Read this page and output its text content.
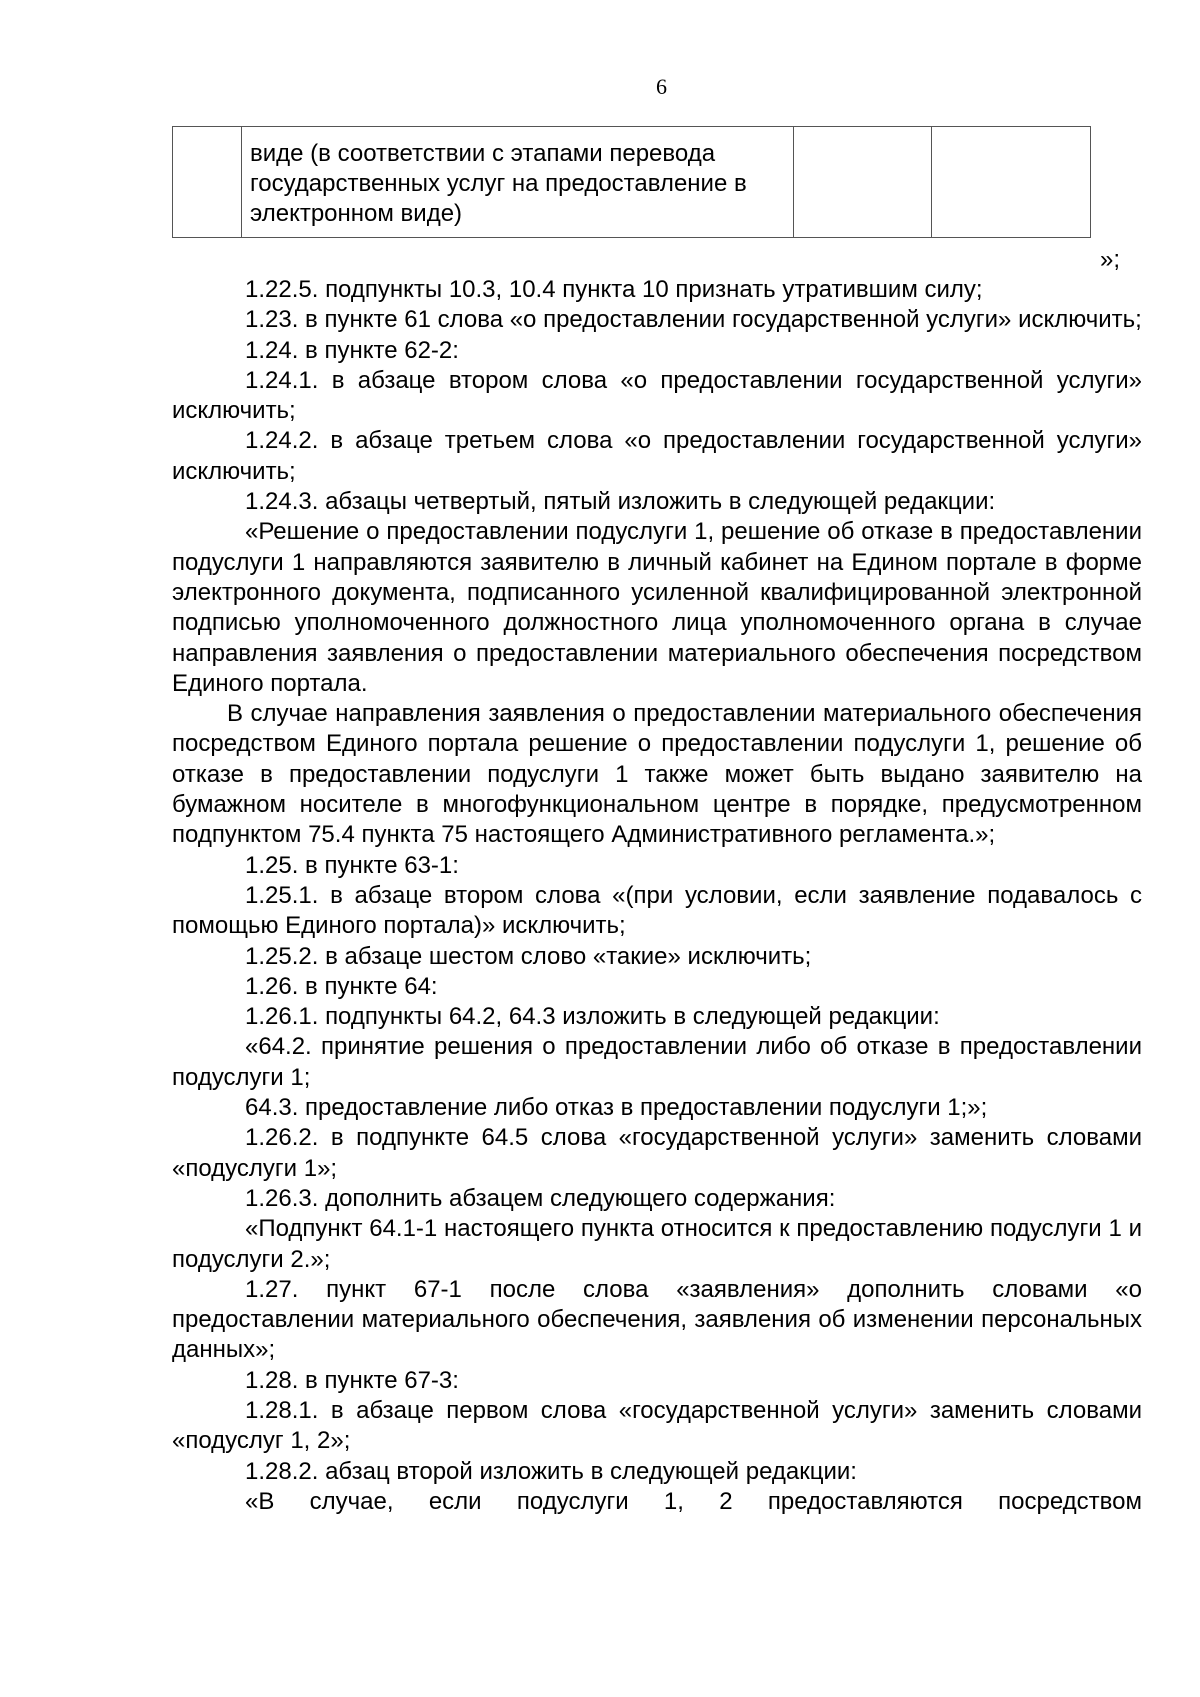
6
	виде (в соответствии с этапами перевода государственных услуг на предоставление в электронном виде)		
»;

1.22.5. подпункты 10.3, 10.4 пункта 10 признать утратившим силу;

1.23. в пункте 61 слова «о предоставлении государственной услуги» исключить;

1.24. в пункте 62-2:

1.24.1. в абзаце втором слова «о предоставлении государственной услуги» исключить;

1.24.2. в абзаце третьем слова «о предоставлении государственной услуги» исключить;

1.24.3. абзацы четвертый, пятый изложить в следующей редакции:

«Решение о предоставлении подуслуги 1, решение об отказе в предоставлении подуслуги 1 направляются заявителю в личный кабинет на Едином портале в форме электронного документа, подписанного усиленной квалифицированной электронной подписью уполномоченного должностного лица уполномоченного органа в случае направления заявления о предоставлении материального обеспечения посредством Единого портала.

В случае направления заявления о предоставлении материального обеспечения посредством Единого портала решение о предоставлении подуслуги 1, решение об отказе в предоставлении подуслуги 1 также может быть выдано заявителю на бумажном носителе в многофункциональном центре в порядке, предусмотренном подпунктом 75.4 пункта 75 настоящего Административного регламента.»;

1.25. в пункте 63-1:

1.25.1. в абзаце втором слова «(при условии, если заявление подавалось с помощью Единого портала)» исключить;

1.25.2. в абзаце шестом слово «такие» исключить;

1.26. в пункте 64:

1.26.1. подпункты 64.2, 64.3 изложить в следующей редакции:

«64.2. принятие решения о предоставлении либо об отказе в предоставлении подуслуги 1;

64.3. предоставление либо отказ в предоставлении подуслуги 1;»;

1.26.2. в подпункте 64.5 слова «государственной услуги» заменить словами «подуслуги 1»;

1.26.3. дополнить абзацем следующего содержания:

«Подпункт 64.1-1 настоящего пункта относится к предоставлению подуслуги 1 и подуслуги 2.»;

1.27. пункт 67-1 после слова «заявления» дополнить словами «о предоставлении материального обеспечения, заявления об изменении персональных данных»;

1.28. в пункте 67-3:

1.28.1. в абзаце первом слова «государственной услуги» заменить словами «подуслуг 1, 2»;

1.28.2. абзац второй изложить в следующей редакции:

«В случае, если подуслуги 1, 2 предоставляются посредством
